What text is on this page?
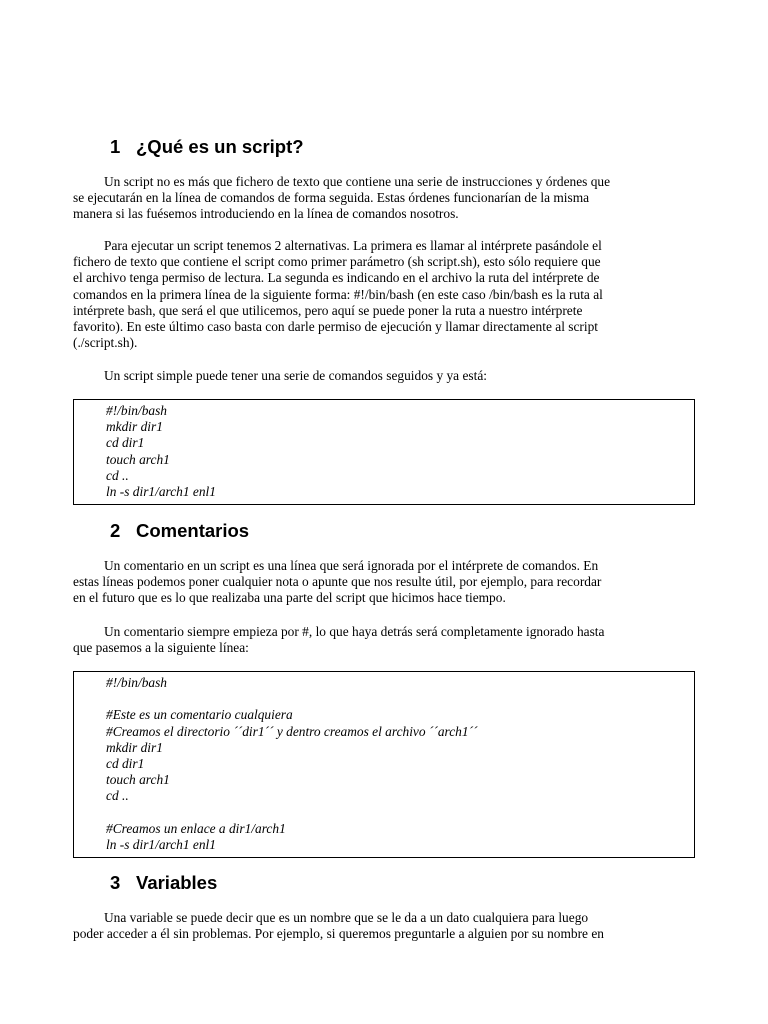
1 ¿Qué es un script?
Un script no es más que fichero de texto que contiene una serie de instrucciones y órdenes que
se ejecutarán en la línea de comandos de forma seguida. Estas órdenes funcionarían de la misma
manera si las fuésemos introduciendo en la línea de comandos nosotros.
Para ejecutar un script tenemos 2 alternativas. La primera es llamar al intérprete pasándole el
fichero de texto que contiene el script como primer parámetro (sh script.sh), esto sólo requiere que
el archivo tenga permiso de lectura. La segunda es indicando en el archivo la ruta del intérprete de
comandos en la primera línea de la siguiente forma: #!/bin/bash (en este caso /bin/bash es la ruta al
intérprete bash, que será el que utilicemos, pero aquí se puede poner la ruta a nuestro intérprete
favorito). En este último caso basta con darle permiso de ejecución y llamar directamente al script
(./script.sh).
Un script simple puede tener una serie de comandos seguidos y ya está:
#!/bin/bash
mkdir dir1
cd dir1
touch arch1
cd ..
ln -s dir1/arch1 enl1
2 Comentarios
Un comentario en un script es una línea que será ignorada por el intérprete de comandos. En
estas líneas podemos poner cualquier nota o apunte que nos resulte útil, por ejemplo, para recordar
en el futuro que es lo que realizaba una parte del script que hicimos hace tiempo.
Un comentario siempre empieza por #, lo que haya detrás será completamente ignorado hasta
que pasemos a la siguiente línea:
#!/bin/bash
#Este es un comentario cualquiera
#Creamos el directorio ´´dir1´´ y dentro creamos el archivo ´´arch1´´
mkdir dir1
cd dir1
touch arch1
cd ..
#Creamos un enlace a dir1/arch1
ln -s dir1/arch1 enl1
3 Variables
Una variable se puede decir que es un nombre que se le da a un dato cualquiera para luego
poder acceder a él sin problemas. Por ejemplo, si queremos preguntarle a alguien por su nombre en
